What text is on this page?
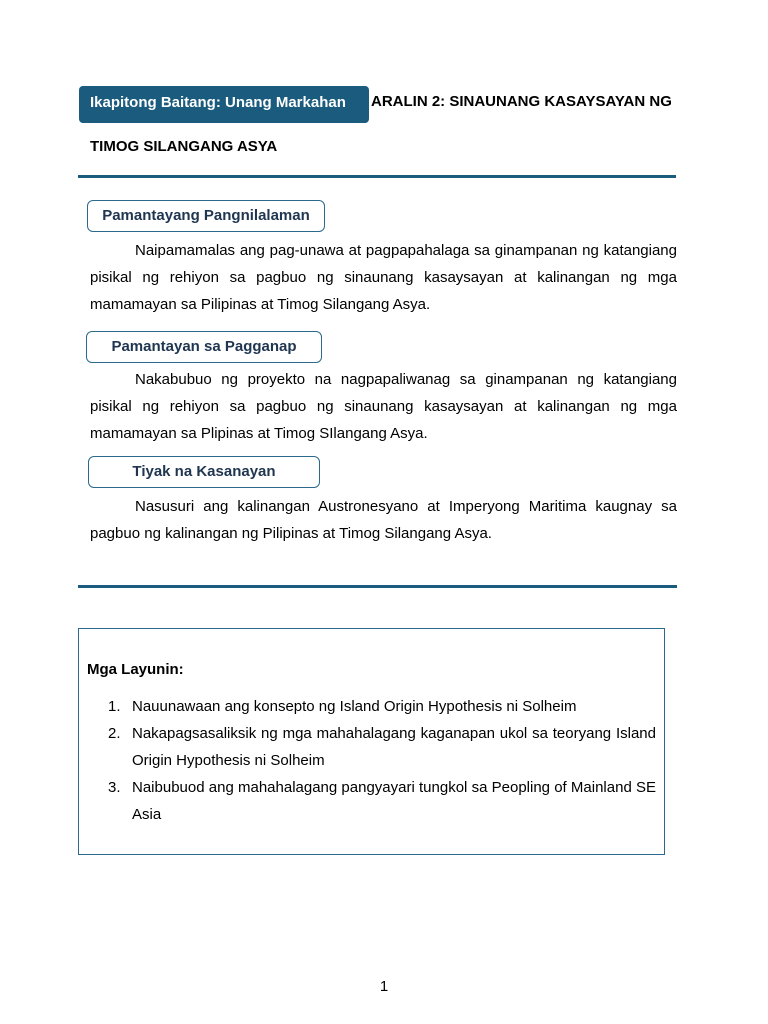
Ikapitong Baitang: Unang Markahan	ARALIN 2: SINAUNANG KASAYSAYAN NG
TIMOG SILANGANG ASYA
Pamantayang Pangnilalaman

Naipamamalas ang pag-unawa at pagpapahalaga sa ginampanan ng katangiang pisikal ng rehiyon sa pagbuo ng sinaunang kasaysayan at kalinangan ng mga mamamayan sa Pilipinas at Timog Silangang Asya.

Pamantayan sa Pagganap

Nakabubuo ng proyekto na nagpapaliwanag sa ginampanan ng katangiang pisikal ng rehiyon sa pagbuo ng sinaunang kasaysayan at kalinangan ng mga mamamayan sa Plipinas at Timog SIlangang Asya.

Tiyak na Kasanayan

Nasusuri ang kalinangan Austronesyano at Imperyong Maritima kaugnay sa pagbuo ng kalinangan ng Pilipinas at Timog Silangang Asya.

Mga Layunin:
1. Nauunawaan ang konsepto ng Island Origin Hypothesis ni Solheim
2. Nakapagsasaliksik ng mga mahahalagang kaganapan ukol sa teoryang Island Origin Hypothesis ni Solheim
3. Naibubuod ang mahahalagang pangyayari tungkol sa Peopling of Mainland SE Asia
1
